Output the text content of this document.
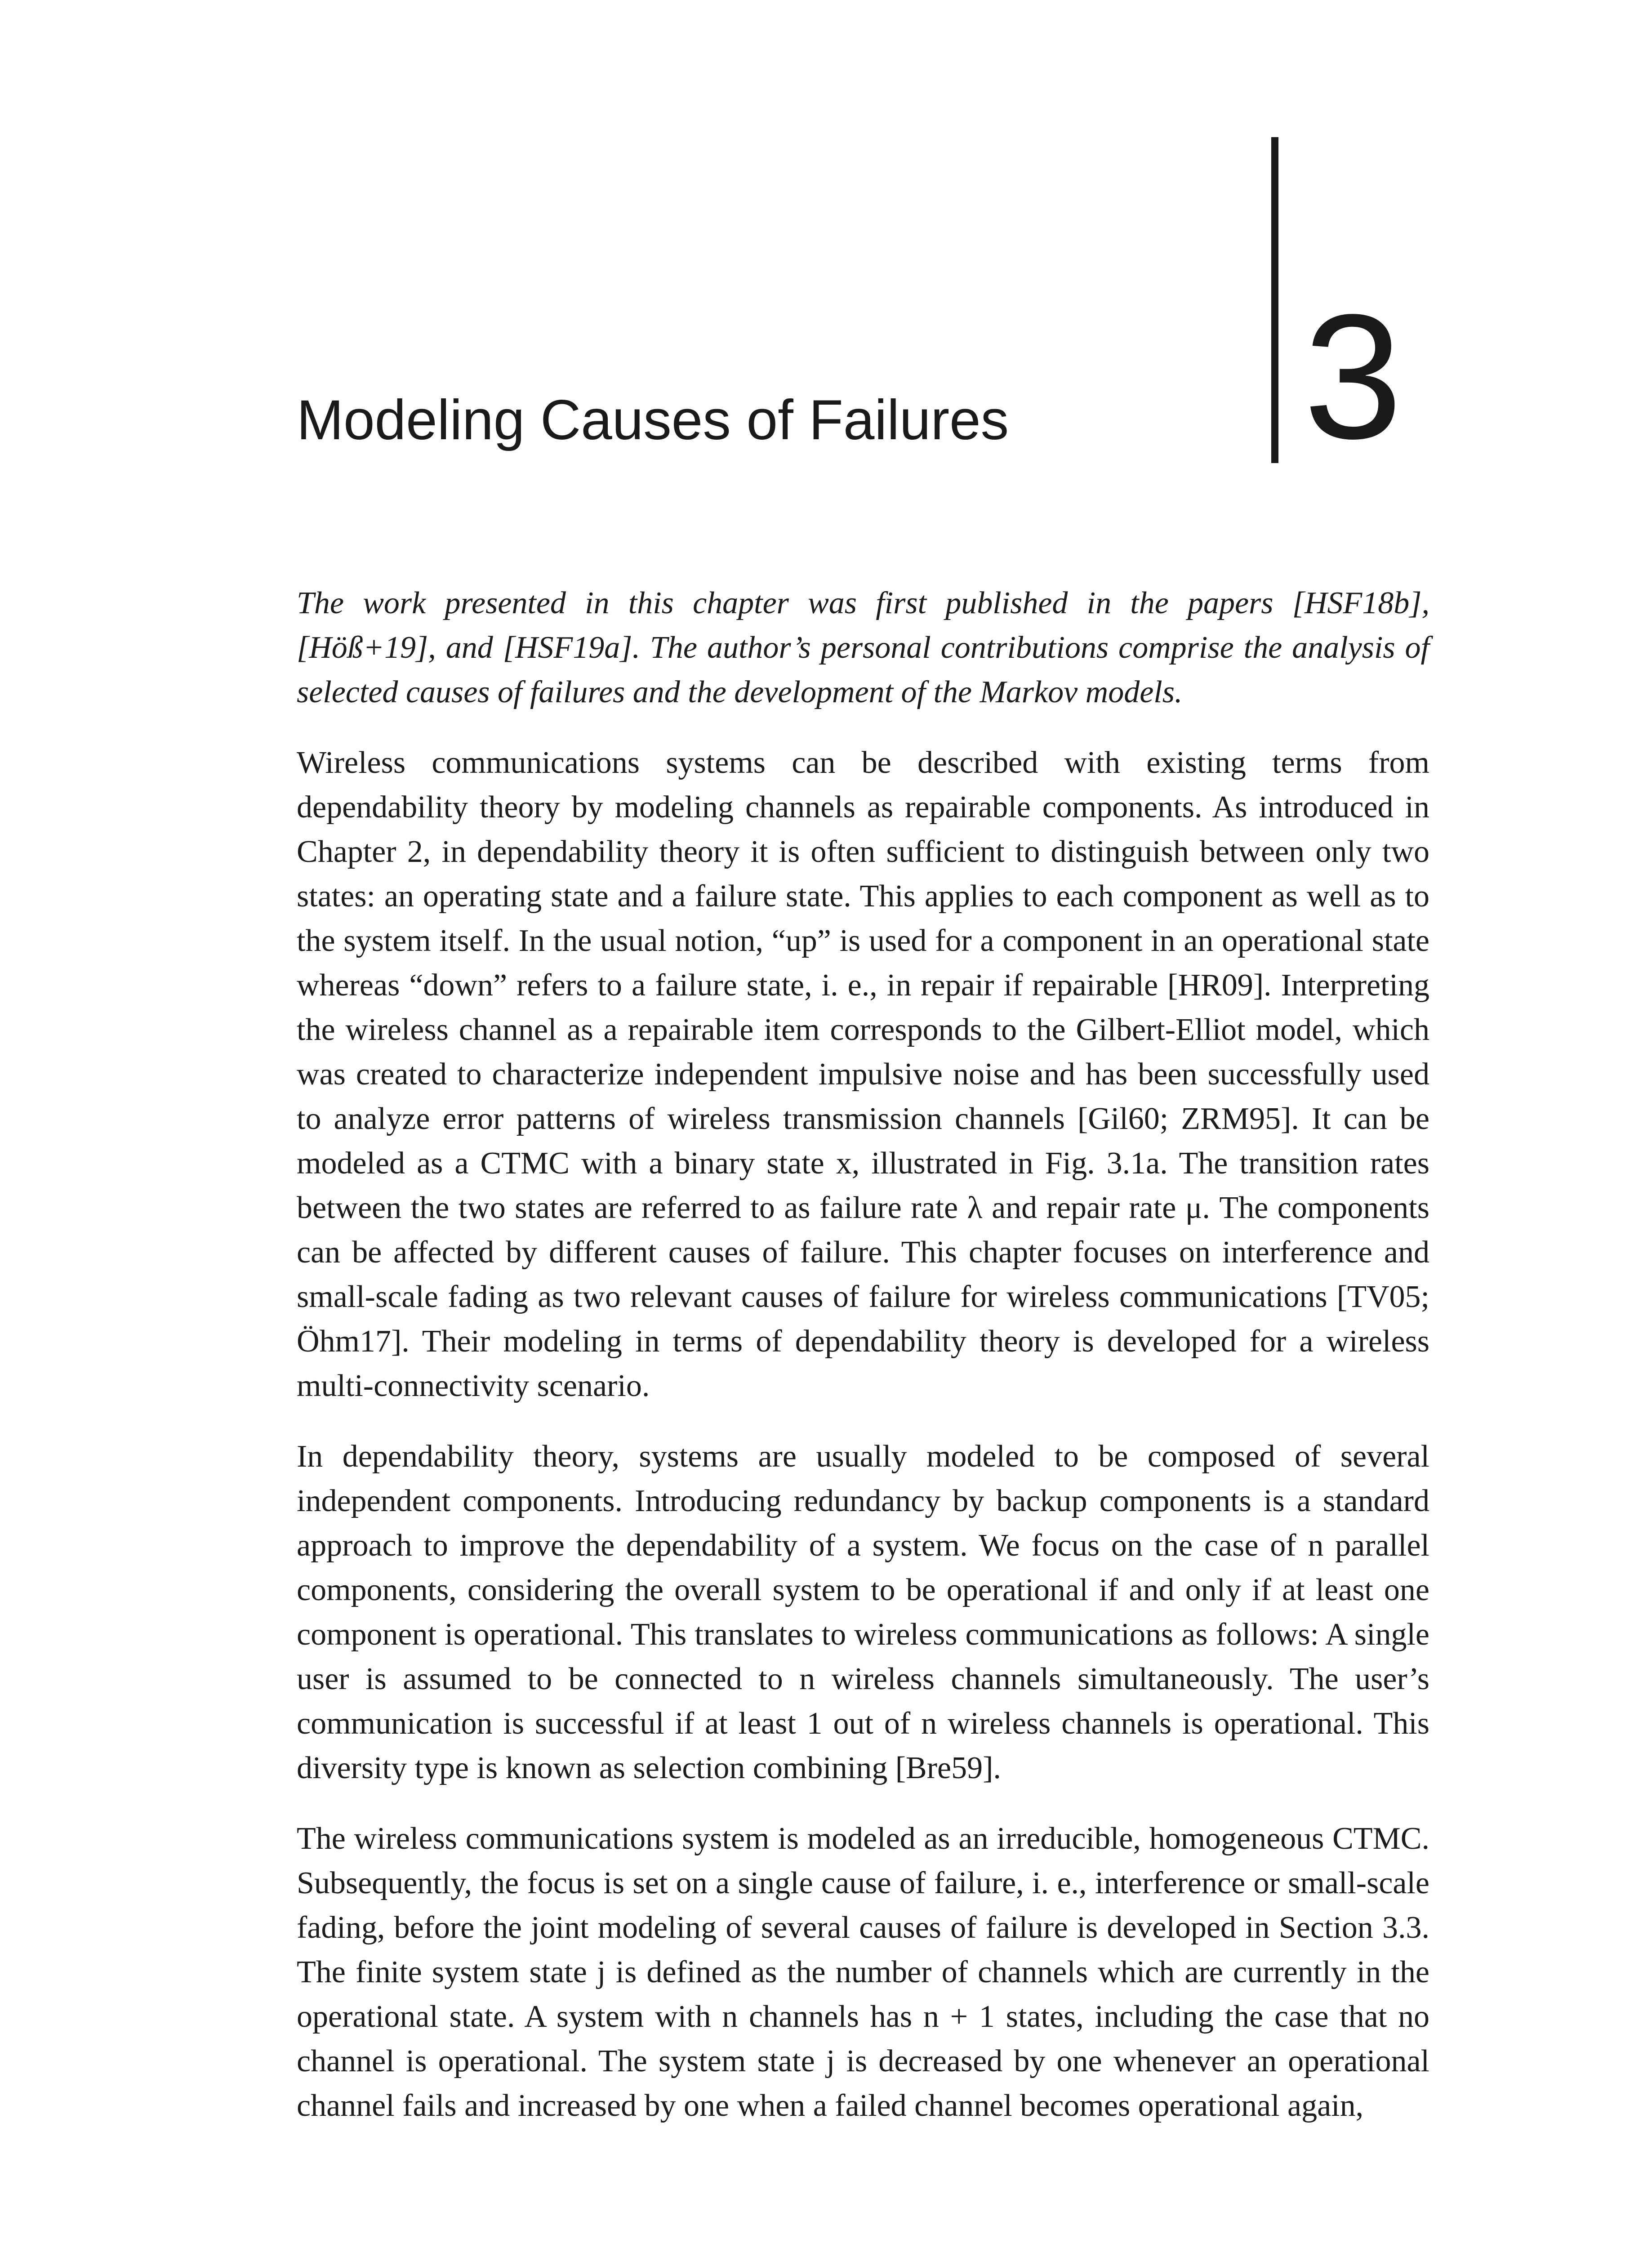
3
Modeling Causes of Failures

The work presented in this chapter was first published in the papers [HSF18b], [Höß+19], and [HSF19a]. The author’s personal contributions comprise the analysis of selected causes of failures and the development of the Markov models.

Wireless communications systems can be described with existing terms from dependability theory by modeling channels as repairable components. As introduced in Chapter 2, in dependability theory it is often sufficient to distinguish between only two states: an operating state and a failure state. This applies to each component as well as to the system itself. In the usual notion, “up” is used for a component in an operational state whereas “down” refers to a failure state, i. e., in repair if repairable [HR09]. Interpreting the wireless channel as a repairable item corresponds to the Gilbert-Elliot model, which was created to characterize independent impulsive noise and has been successfully used to analyze error patterns of wireless transmission channels [Gil60; ZRM95]. It can be modeled as a CTMC with a binary state x, illustrated in Fig. 3.1a. The transition rates between the two states are referred to as failure rate λ and repair rate μ. The components can be affected by different causes of failure. This chapter focuses on interference and small-scale fading as two relevant causes of failure for wireless communications [TV05; Öhm17]. Their modeling in terms of dependability theory is developed for a wireless multi-connectivity scenario.

In dependability theory, systems are usually modeled to be composed of several independent components. Introducing redundancy by backup components is a standard approach to improve the dependability of a system. We focus on the case of n parallel components, considering the overall system to be operational if and only if at least one component is operational. This translates to wireless communications as follows: A single user is assumed to be connected to n wireless channels simultaneously. The user’s communication is successful if at least 1 out of n wireless channels is operational. This diversity type is known as selection combining [Bre59].

The wireless communications system is modeled as an irreducible, homogeneous CTMC. Subsequently, the focus is set on a single cause of failure, i. e., interference or small-scale fading, before the joint modeling of several causes of failure is developed in Section 3.3. The finite system state j is defined as the number of channels which are currently in the operational state. A system with n channels has n + 1 states, including the case that no channel is operational. The system state j is decreased by one whenever an operational channel fails and increased by one when a failed channel becomes operational again,
